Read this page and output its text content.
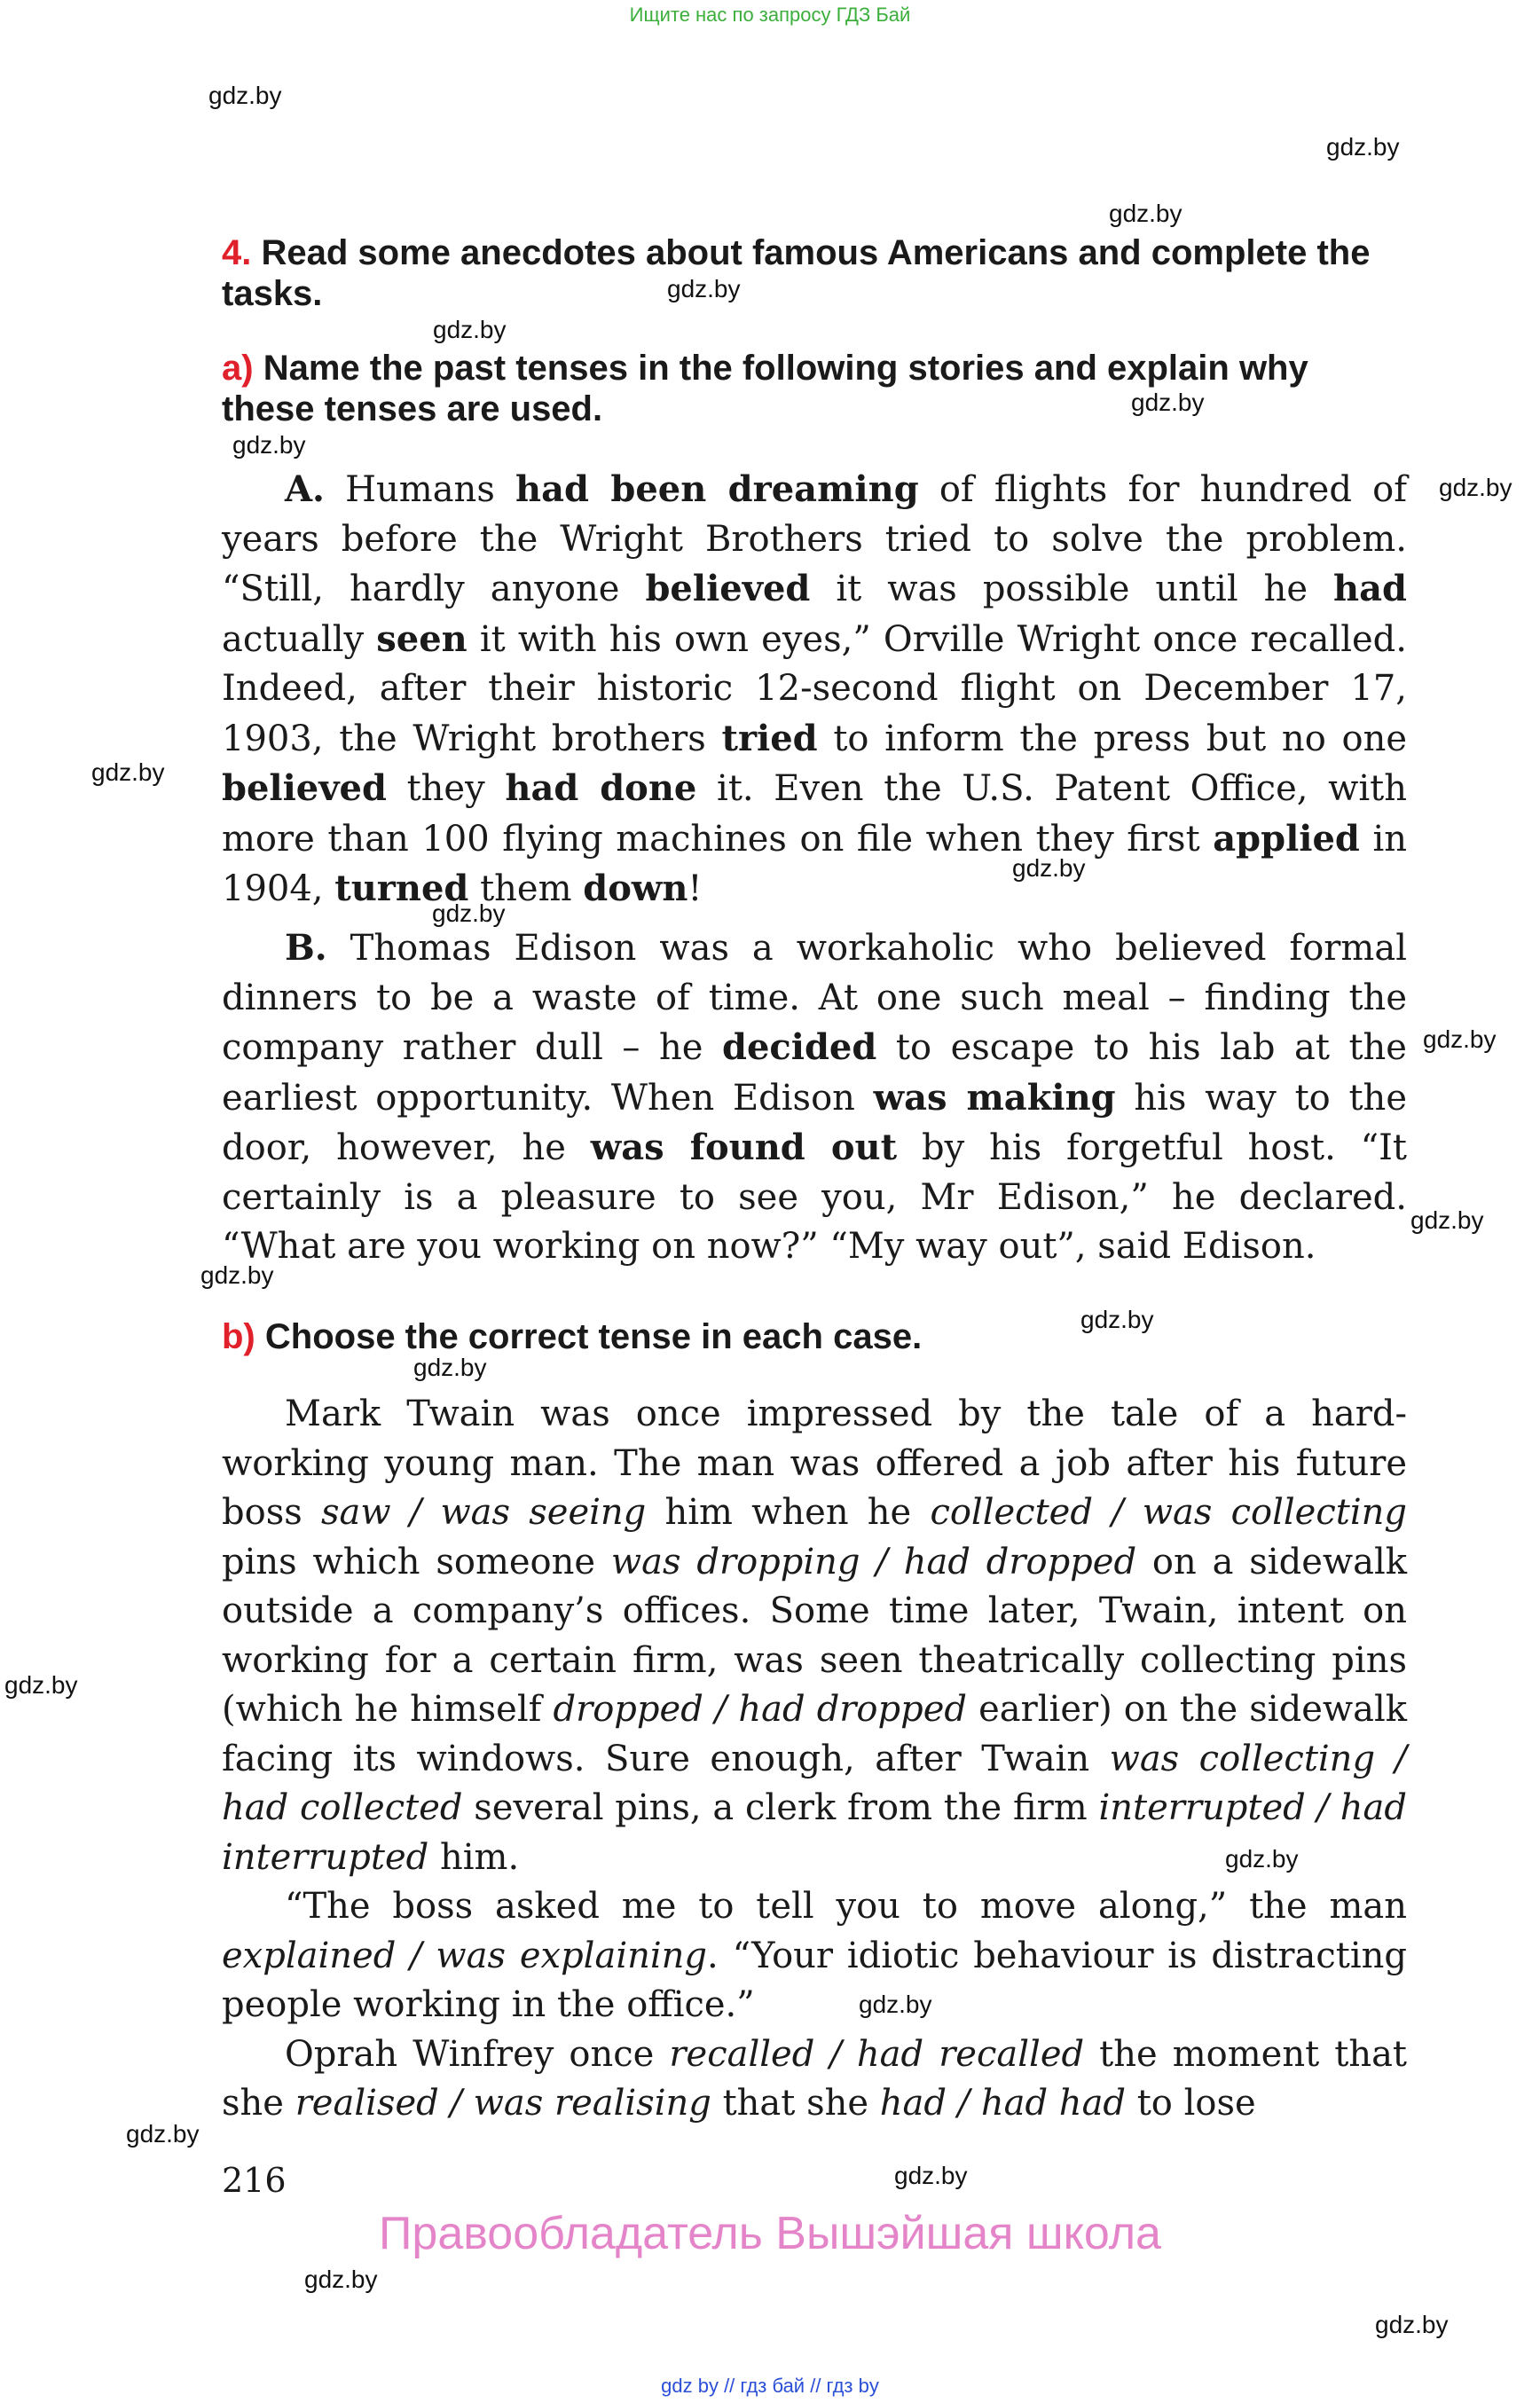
Ищите нас по запросу ГДЗ Бай
gdz.by
gdz.by
gdz.by
gdz.by
gdz.by
gdz.by
gdz.by
gdz.by
gdz.by
gdz.by
gdz.by
gdz.by
gdz.by
gdz.by
gdz.by
gdz.by
gdz.by
gdz.by
gdz.by
gdz.by
gdz.by
gdz.by
gdz.by
4. Read some anecdotes about famous Americans and complete the tasks.
a) Name the past tenses in the following stories and explain why these tenses are used.

A. Humans had been dreaming of flights for hundred of years before the Wright Brothers tried to solve the problem. “Still, hardly anyone believed it was possible until he had actually seen it with his own eyes,” Orville Wright once recalled. Indeed, after their historic 12-second flight on December 17, 1903, the Wright brothers tried to inform the press but no one believed they had done it. Even the U.S. Patent Office, with more than 100 flying machines on file when they first applied in 1904, turned them down!

B. Thomas Edison was a workaholic who believed formal dinners to be a waste of time. At one such meal – finding the company rather dull – he decided to escape to his lab at the earliest opportunity. When Edison was making his way to the door, however, he was found out by his forgetful host. “It certainly is a pleasure to see you, Mr Edison,” he declared. “What are you working on now?” “My way out”, said Edison.

b) Choose the correct tense in each case.

Mark Twain was once impressed by the tale of a hard-working young man. The man was offered a job after his future boss saw / was seeing him when he collected / was collecting pins which someone was dropping / had dropped on a sidewalk outside a company’s offices. Some time later, Twain, intent on working for a certain firm, was seen theatrically collecting pins (which he himself dropped / had dropped earlier) on the sidewalk facing its windows. Sure enough, after Twain was collecting / had collected several pins, a clerk from the firm interrupted / had interrupted him.

“The boss asked me to tell you to move along,” the man explained / was explaining. “Your idiotic behaviour is distracting people working in the office.”

Oprah Winfrey once recalled / had recalled the moment that she realised / was realising that she had / had had to lose

216
Правообладатель Вышэйшая школа
gdz by // гдз бай // гдз by
